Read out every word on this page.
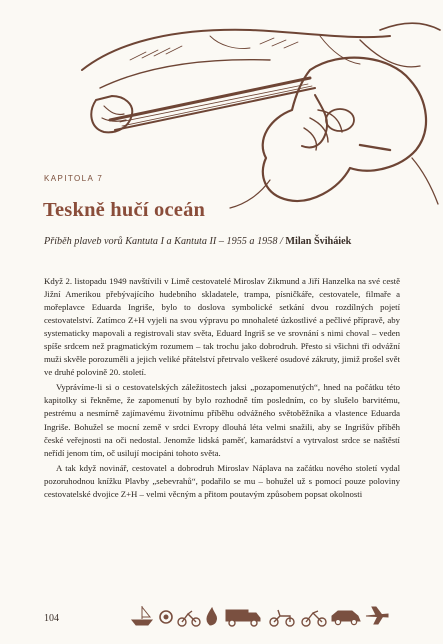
KAPITOLA 7
Teskně hučí oceán
Příběh plaveb vorů Kantuta I a Kantuta II – 1955 a 1958 / Milan Šviháiek

Když 2. listopadu 1949 navštívili v Limě cestovatelé Miroslav Zikmund a Jiří Hanzelka na své cestě Jižní Amerikou přebývajícího hudebního skladatele, trampa, písničkáře, cestovatele, filmaře a mořeplavce Eduarda Ingriše, bylo to doslova symbolické setkání dvou rozdílných pojetí cestovatelství. Zatímco Z+H vyjeli na svou výpravu po mnohaleté úzkostlivé a pečlivé přípravě, aby systematicky mapovali a registrovali stav světa, Eduard Ingriš se ve srovnání s nimi choval – veden spíše srdcem než pragmatickým rozumem – tak trochu jako dobrodruh. Přesto si všichni tři odvážní muži skvěle porozuměli a jejich veliké přátelství přetrvalo veškeré osudové zákruty, jimiž prošel svět ve druhé polovině 20. století.

Vyprávíme-li si o cestovatelských záležitostech jaksi „pozapomenutých“, hned na počátku této kapitolky si řekněme, že zapomenutí by bylo rozhodně tím posledním, co by slušelo barvitému, pestrému a nesmírně zajímavému životnímu příběhu odvážného světoběžníka a vlastence Eduarda Ingriše. Bohužel se mocní země v srdci Evropy dlouhá léta velmi snažili, aby se Ingrišův příběh české veřejnosti na oči nedostal. Jenomže lidská paměť, kamarádství a vytrvalost srdce se naštěstí neřídí jenom tím, oč usilují mocipáni tohoto světa.

A tak když novinář, cestovatel a dobrodruh Miroslav Náplava na začátku nového století vydal pozoruhodnou knížku Plavby „sebevrahů“, podařilo se mu – bohužel už s pomocí pouze poloviny cestovatelské dvojice Z+H – velmi věcným a přitom poutavým způsobem popsat okolnosti

104
